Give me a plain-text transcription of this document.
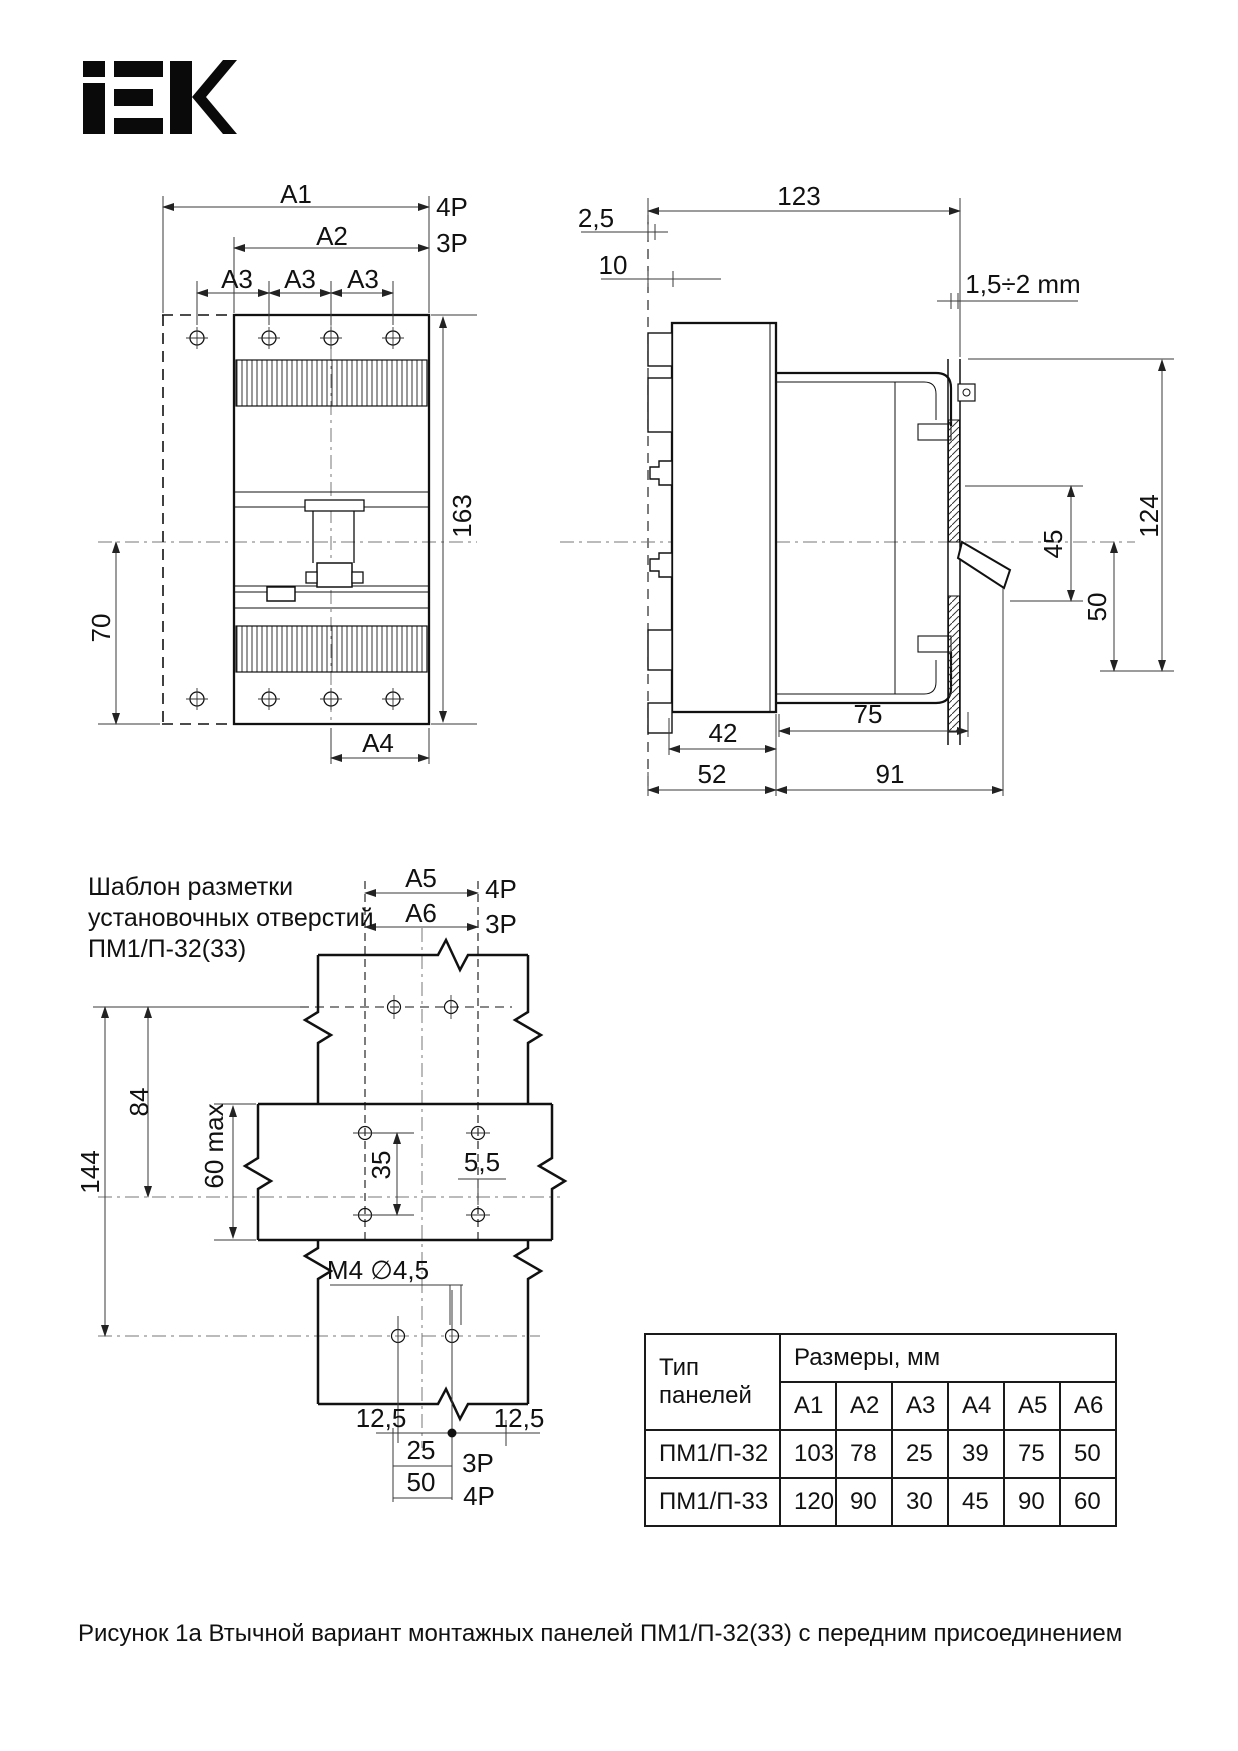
A1	4P
A2	3P
A3 A3 A3
163
70
A4
123
2,5
10
1,5÷2 mm
124
45
50
75
42
52	91
Шаблон разметки
установочных отверстий
ПМ1/П-32(33)
A5 4P
A6 3P
144
84
60 max	35	5,5
M4 ∅4,5
12,5	12,5
25 3P
50 4P
Тип панелей	Размеры, мм					
	A1	A2	A3	A4	A5	A6
ПМ1/П-32	103	78	25	39	75	50
ПМ1/П-33	120	90	30	45	90	60
Рисунок 1а Втычной вариант монтажных панелей ПМ1/П-32(33) с передним присоединением
